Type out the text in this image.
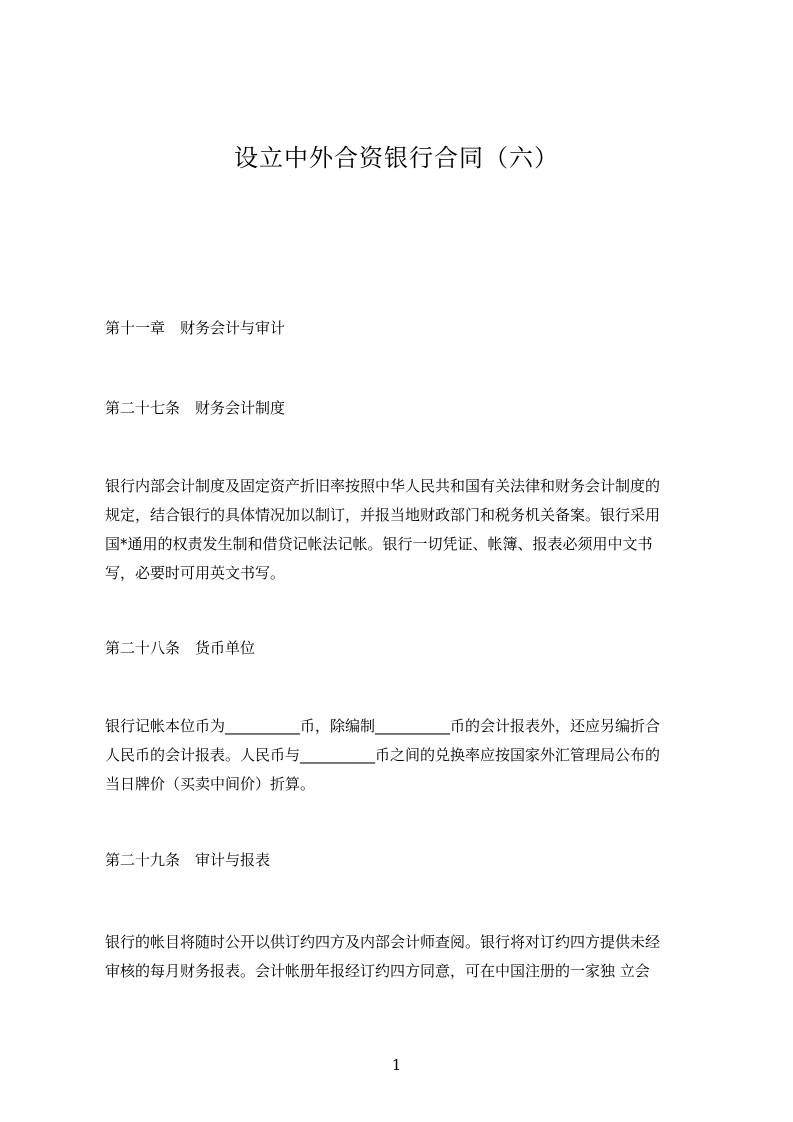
设立中外合资银行合同（六）
第十一章　财务会计与审计
第二十七条　财务会计制度
银行内部会计制度及固定资产折旧率按照中华人民共和国有关法律和财务会计制度的
规定，结合银行的具体情况加以制订，并报当地财政部门和税务机关备案。银行采用
国*通用的权责发生制和借贷记帐法记帐。银行一切凭证、帐簿、报表必须用中文书
写，必要时可用英文书写。
第二十八条　货币单位
银行记帐本位币为__________币，除编制__________币的会计报表外，还应另编折合
人民币的会计报表。人民币与__________币之间的兑换率应按国家外汇管理局公布的
当日牌价（买卖中间价）折算。
第二十九条　审计与报表
银行的帐目将随时公开以供订约四方及内部会计师查阅。银行将对订约四方提供未经
审核的每月财务报表。会计帐册年报经订约四方同意，可在中国注册的一家独 立会
1
